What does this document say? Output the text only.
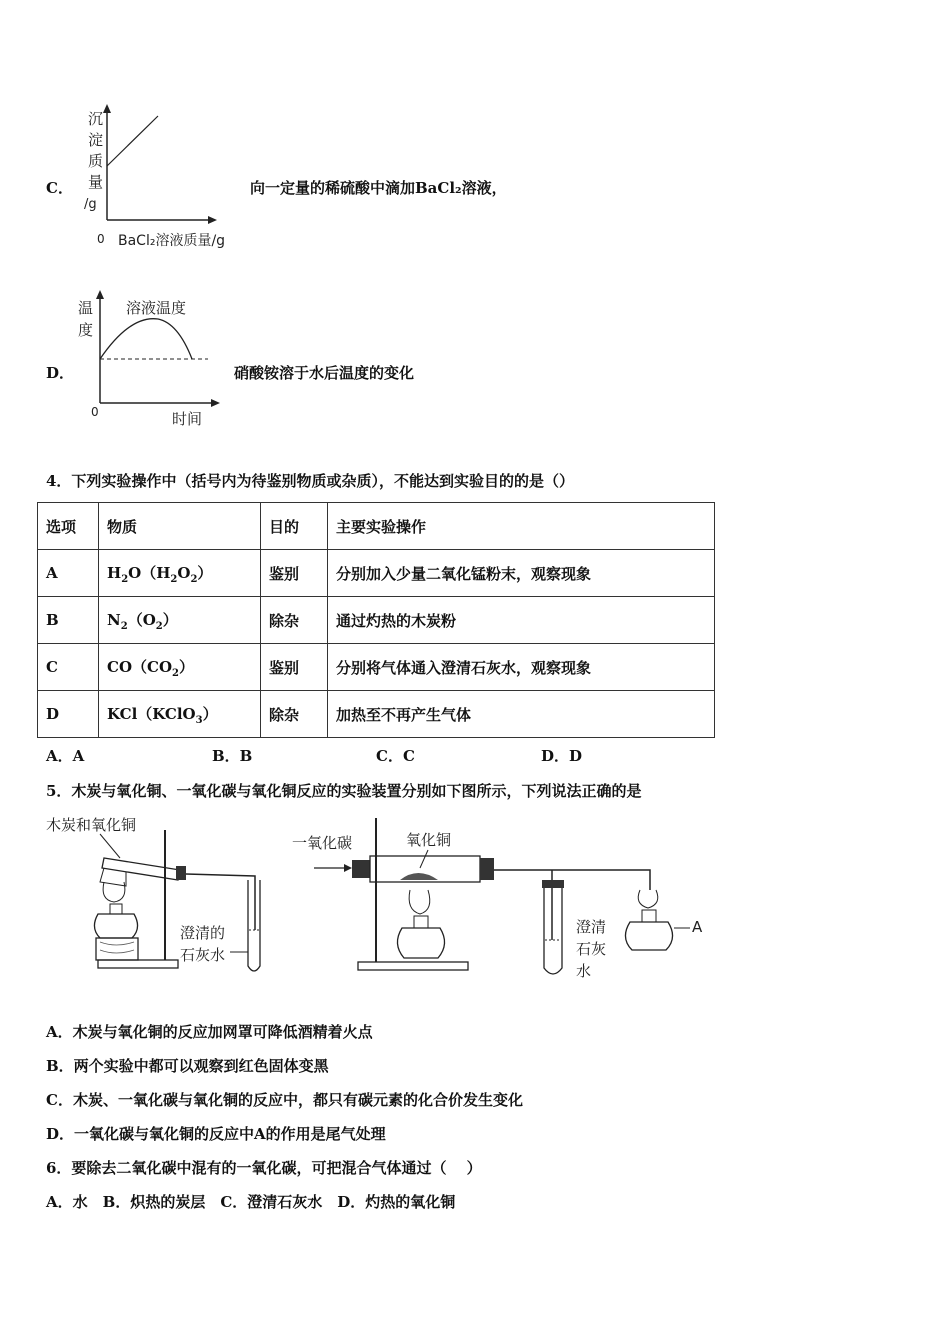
C．
沉
淀
质
量
/g
0 BaCl₂溶液质量/g
向一定量的稀硫酸中滴加BaCl₂溶液，
D．
温
度
溶液温度
0	时间
硝酸铵溶于水后温度的变化
4．下列实验操作中（括号内为待鉴别物质或杂质），不能达到实验目的的是（）
选项	物质	目的	主要实验操作
A	$H_2O(H_2O_2)$	鉴别	分别加入少量二氧化锰粉末，观察现象
B	$N_2(O_2)$	除杂	通过灼热的木炭粉
C	$CO(CO_2)$	鉴别	分别将气体通入澄清石灰水，观察现象
D	KCl（KClO$_3$）	除杂	加热至不再产生气体
A．A	B．B	C．C	D．D
5．木炭与氧化铜、一氧化碳与氧化铜反应的实验装置分别如下图所示，下列说法正确的是
木炭和氧化铜
澄清的
石灰水
一氧化碳	氧化铜
澄清
石灰
水
A
A．木炭与氧化铜的反应加网罩可降低酒精着火点
B．两个实验中都可以观察到红色固体变黑
C．木炭、一氧化碳与氧化铜的反应中，都只有碳元素的化合价发生变化
D．一氧化碳与氧化铜的反应中A的作用是尾气处理
6．要除去二氧化碳中混有的一氧化碳，可把混合气体通过（　 ）
A．水　B．炽热的炭层　C．澄清石灰水　D．灼热的氧化铜
